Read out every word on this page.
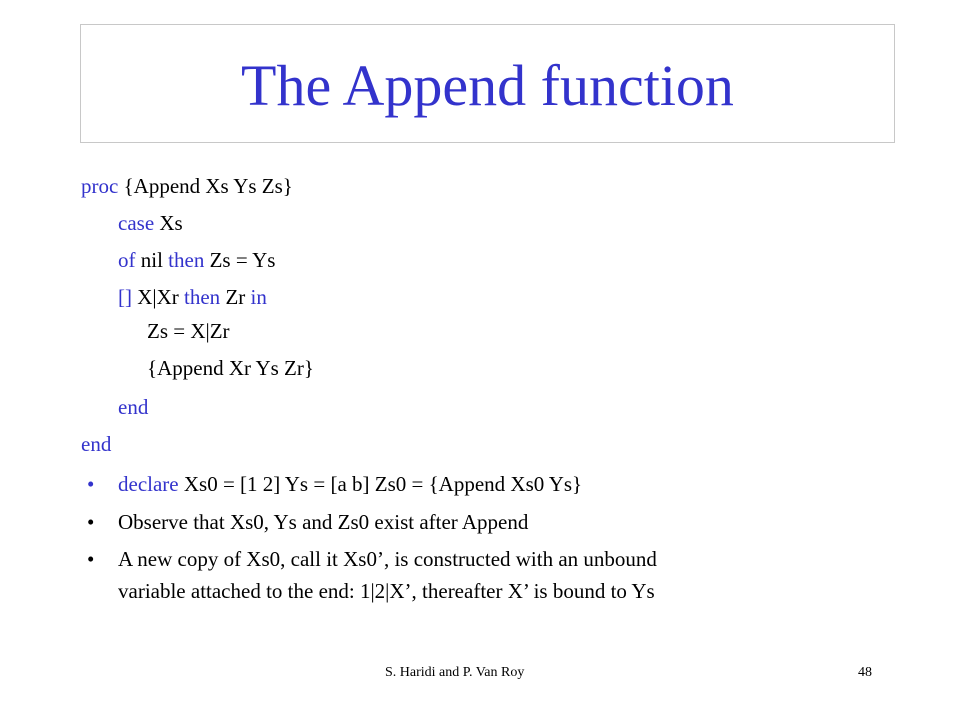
The Append function
proc {Append Xs Ys Zs}
case Xs
of nil then Zs = Ys
[] X|Xr then Zr in
Zs = X|Zr
{Append Xr Ys Zr}
end
end
• declare Xs0 = [1 2] Ys = [a b] Zs0 = {Append Xs0 Ys}
• Observe that Xs0, Ys and Zs0 exist after Append
• A new copy of Xs0, call it Xs0’, is constructed with an unbound
variable attached to the end: 1|2|X’, thereafter X’ is bound to Ys
S. Haridi and P. Van Roy	48
